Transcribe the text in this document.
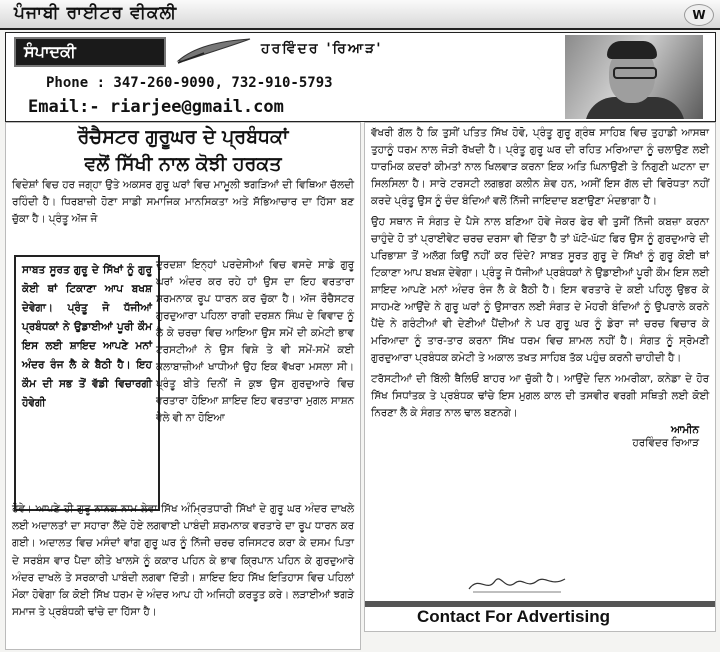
ਪੰਜਾਬੀ ਰਾਈਟਰ ਵੀਕਲੀ	W
ਸੰਪਾਦਕੀ	ਹਰਵਿੰਦਰ 'ਰਿਆੜ'
Phone : 347-260-9090, 732-910-5793
Email:- riarjee@gmail.com
ਰੌਚੈਸਟਰ ਗੁਰੂਘਰ ਦੇ ਪ੍ਰਬੰਧਕਾਂ
ਵਲੋਂ ਸਿੱਖੀ ਨਾਲ ਕੋਝੀ ਹਰਕਤ
ਵਿਦੇਸ਼ਾਂ ਵਿਚ ਹਰ ਜਗ੍ਹਾ ਉਤੇ ਅਕਸਰ ਗੁਰੂ ਘਰਾਂ ਵਿਚ ਮਾਮੂਲੀ ਝਗੜਿਆਂ ਦੀ ਵਿਥਿਆ ਚੱਲਦੀ ਰਹਿੰਦੀ ਹੈ। ਧਿਰਬਾਜ਼ੀ ਹੋਣਾ ਸਾਡੀ ਸਮਾਜਿਕ ਮਾਨਸਿਕਤਾ ਅਤੇ ਸੱਭਿਆਚਾਰ ਦਾ ਹਿੱਸਾ ਬਣ ਚੁੱਕਾ ਹੈ। ਪ੍ਰੰਤੂ ਅੱਜ ਜੋ
ਸਾਬਤ ਸੂਰਤ ਗੁਰੂ ਦੇ ਸਿੱਖਾਂ ਨੂੰ ਗੁਰੂ ਕੋਈ ਥਾਂ ਟਿਕਾਣਾ ਆਪ ਬਖਸ਼ ਦੇਵੇਗਾ। ਪ੍ਰੰਤੂ ਜੋ ਧੱਜੀਆਂ ਪ੍ਰਬੰਧਕਾਂ ਨੇ ਉਡਾਈਆਂ ਪੂਰੀ ਕੌਮ ਇਸ ਲਈ ਸ਼ਾਇਦ ਆਪਣੇ ਮਨਾਂ ਅੰਦਰ ਰੰਜ ਲੈ ਕੇ ਬੈਠੀ ਹੈ। ਇਹ ਕੌਮ ਦੀ ਸਭ ਤੋਂ ਵੱਡੀ ਵਿਚਾਰਗੀ ਹੋਵੇਗੀ
ਦੁਰਦਸ਼ਾ ਇਨ੍ਹਾਂ ਪਰਦੇਸੀਆਂ ਵਿਚ ਵਸਦੇ ਸਾਡੇ ਗੁਰੂ ਘਰਾਂ ਅੰਦਰ ਕਰ ਰਹੇ ਹਾਂ ਉਸ ਦਾ ਇਹ ਵਰਤਾਰਾ ਸ਼ਰਮਨਾਕ ਰੂਪ ਧਾਰਨ ਕਰ ਚੁੱਕਾ ਹੈ। ਅੱਜ ਰੌਚੈਸਟਰ ਗੁਰਦੁਆਰਾ ਪਹਿਲਾ ਰਾਗੀ ਦਰਸ਼ਨ ਸਿੰਘ ਦੇ ਵਿਵਾਦ ਨੂੰ ਲੈ ਕੇ ਚਰਚਾ ਵਿਚ ਆਇਆ ਉਸ ਸਮੇਂ ਦੀ ਕਮੇਟੀ ਭਾਵ ਟਰਸਟੀਆਂ ਨੇ ਉਸ ਵਿਸ਼ੇ ਤੇ ਵੀ ਸਮੇਂ-ਸਮੇਂ ਕਈ ਕਲਾਬਾਜ਼ੀਆਂ ਖਾਧੀਆਂ ਉਹ ਇਕ ਵੱਖਰਾ ਮਸਲਾ ਸੀ। ਪ੍ਰੰਤੂ ਬੀਤੇ ਦਿਨੀਂ ਜੋ ਕੁਝ ਉਸ ਗੁਰਦੁਆਰੇ ਵਿਚ ਵਰਤਾਰਾ ਹੋਇਆ ਸ਼ਾਇਦ ਇਹ ਵਰਤਾਰਾ ਮੁਗਲ ਸਾਸ਼ਨ ਵੇਲੇ ਵੀ ਨਾ ਹੋਇਆ
ਹੋਵੇ। ਆਪਣੇ ਹੀ ਗੁਰੂ ਨਾਨਕ ਨਾਮ ਲੇਵਾ ਸਿੱਖ ਅੰਮ੍ਰਿਤਧਾਰੀ ਸਿੱਖਾਂ ਦੇ ਗੁਰੂ ਘਰ ਅੰਦਰ ਦਾਖਲੇ ਲਈ ਅਦਾਲਤਾਂ ਦਾ ਸਹਾਰਾ ਲੈਂਦੇ ਹੋਏ ਲਗਵਾਈ ਪਾਬੰਦੀ ਸ਼ਰਮਨਾਕ ਵਰਤਾਰੇ ਦਾ ਰੂਪ ਧਾਰਨ ਕਰ ਗਈ। ਅਦਾਲਤ ਵਿਚ ਮਸੰਦਾਂ ਵਾਂਗ ਗੁਰੂ ਘਰ ਨੂੰ ਨਿੱਜੀ ਚਰਚ ਰਜਿਸਟਰ ਕਰਾ ਕੇ ਦਸਮ ਪਿਤਾ ਦੇ ਸਰਬੰਸ ਵਾਰ ਪੈਦਾ ਕੀਤੇ ਖਾਲਸੇ ਨੂੰ ਕਕਾਰ ਪਹਿਨ ਕੇ ਭਾਵ ਕ੍ਰਿਪਾਨ ਪਹਿਨ ਕੇ ਗੁਰਦੁਆਰੇ ਅੰਦਰ ਦਾਖਲੇ ਤੇ ਸਰਕਾਰੀ ਪਾਬੰਦੀ ਲਗਵਾ ਦਿੱਤੀ। ਸ਼ਾਇਦ ਇਹ ਸਿੱਖ ਇਤਿਹਾਸ ਵਿਚ ਪਹਿਲਾਂ ਮੌਕਾ ਹੋਵੇਗਾ ਕਿ ਕੋਈ ਸਿੱਖ ਧਰਮ ਦੇ ਅੰਦਰ ਆਪ ਹੀ ਅਜਿਹੀ ਕਰਤੂਤ ਕਰੇ। ਲੜਾਈਆਂ ਝਗੜੇ ਸਮਾਜ ਤੇ ਪ੍ਰਬੰਧਕੀ ਢਾਂਚੇ ਦਾ ਹਿੱਸਾ ਹੈ।
ਵੱਖਰੀ ਗੱਲ ਹੈ ਕਿ ਤੁਸੀਂ ਪਤਿਤ ਸਿੱਖ ਹੋਵੋ, ਪ੍ਰੰਤੂ ਗੁਰੂ ਗ੍ਰੰਥ ਸਾਹਿਬ ਵਿਚ ਤੁਹਾਡੀ ਆਸਥਾ ਤੁਹਾਨੂੰ ਧਰਮ ਨਾਲ ਜੋੜੀ ਰੱਖਦੀ ਹੈ। ਪ੍ਰੰਤੂ ਗੁਰੂ ਘਰ ਦੀ ਰਹਿਤ ਮਰਿਆਦਾ ਨੂੰ ਚਲਾਉਣ ਲਈ ਧਾਰਮਿਕ ਕਦਰਾਂ ਕੀਮਤਾਂ ਨਾਲ ਖਿਲਵਾੜ ਕਰਨਾ ਇਕ ਅਤਿ ਘਿਨਾਉਣੀ ਤੇ ਨਿਗੁਣੀ ਘਟਨਾ ਦਾ ਸਿਲਸਿਲਾ ਹੈ। ਸਾਰੇ ਟਰਸਟੀ ਲਗਭਗ ਕਲੀਨ ਸ਼ੇਵ ਹਨ, ਅਸੀਂ ਇਸ ਗੱਲ ਦੀ ਵਿਰੋਧਤਾ ਨਹੀਂ ਕਰਦੇ ਪ੍ਰੰਤੂ ਉਸ ਨੂੰ ਚੰਦ ਬੰਦਿਆਂ ਵਲੋਂ ਨਿੱਜੀ ਜਾਇਦਾਦ ਬਣਾਉਣਾ ਮੰਦਭਾਗਾ ਹੈ।
ਉਹ ਸਥਾਨ ਜੋ ਸੰਗਤ ਦੇ ਪੈਸੇ ਨਾਲ ਬਣਿਆ ਹੋਵੇ ਜੇਕਰ ਫੇਰ ਵੀ ਤੁਸੀਂ ਨਿੱਜੀ ਕਬਜ਼ਾ ਕਰਨਾ ਚਾਹੁੰਦੇ ਹੋ ਤਾਂ ਪ੍ਰਾਈਵੇਟ ਚਰਚ ਦਰਸਾ ਵੀ ਦਿੱਤਾ ਹੈ ਤਾਂ ਘੱਟੋ-ਘੱਟ ਫਿਰ ਉਸ ਨੂੰ ਗੁਰਦੁਆਰੇ ਦੀ ਪਰਿਭਾਸ਼ਾ ਤੋਂ ਅਲੱਗ ਕਿਉਂ ਨਹੀਂ ਕਰ ਦਿੰਦੇ? ਸਾਬਤ ਸੂਰਤ ਗੁਰੂ ਦੇ ਸਿੱਖਾਂ ਨੂੰ ਗੁਰੂ ਕੋਈ ਥਾਂ ਟਿਕਾਣਾ ਆਪ ਬਖਸ਼ ਦੇਵੇਗਾ। ਪ੍ਰੰਤੂ ਜੋ ਧੱਜੀਆਂ ਪ੍ਰਬੰਧਕਾਂ ਨੇ ਉਡਾਈਆਂ ਪੂਰੀ ਕੌਮ ਇਸ ਲਈ ਸ਼ਾਇਦ ਆਪਣੇ ਮਨਾਂ ਅੰਦਰ ਰੰਜ ਲੈ ਕੇ ਬੈਠੀ ਹੈ। ਇਸ ਵਰਤਾਰੇ ਦੇ ਕਈ ਪਹਿਲੂ ਉਭਰ ਕੇ ਸਾਹਮਣੇ ਆਉਂਦੇ ਨੇ ਗੁਰੂ ਘਰਾਂ ਨੂੰ ਉਸਾਰਨ ਲਈ ਸੰਗਤ ਦੇ ਮੋਹਰੀ ਬੰਦਿਆਂ ਨੂੰ ਉਪਰਾਲੇ ਕਰਨੇ ਪੈਂਦੇ ਨੇ ਗਰੰਟੀਆਂ ਵੀ ਦੇਣੀਆਂ ਪੈਂਦੀਆਂ ਨੇ ਪਰ ਗੁਰੂ ਘਰ ਨੂੰ ਡੇਰਾ ਜਾਂ ਚਰਚ ਵਿਚਾਰ ਕੇ ਮਰਿਆਦਾ ਨੂੰ ਤਾਰ-ਤਾਰ ਕਰਨਾ ਸਿੱਖ ਧਰਮ ਵਿਚ ਸ਼ਾਮਲ ਨਹੀਂ ਹੈ। ਸੰਗਤ ਨੂੰ ਸ੍ਰੋਮਣੀ ਗੁਰਦੁਆਰਾ ਪ੍ਰਬੰਧਕ ਕਮੇਟੀ ਤੇ ਅਕਾਲ ਤਖਤ ਸਾਹਿਬ ਤੱਕ ਪਹੁੰਚ ਕਰਨੀ ਚਾਹੀਦੀ ਹੈ।
ਟਰੱਸਟੀਆਂ ਦੀ ਬਿੱਲੀ ਥੈਲਿਓਂ ਬਾਹਰ ਆ ਚੁੱਕੀ ਹੈ। ਆਉਂਦੇ ਦਿਨ ਅਮਰੀਕਾ, ਕਨੇਡਾ ਦੇ ਹੋਰ ਸਿੱਖ ਸਿਧਾਂਤਕ ਤੇ ਪ੍ਰਬੰਧਕ ਢਾਂਚੇ ਇਸ ਮੁਗਲ ਕਾਲ ਦੀ ਤਸਵੀਰ ਵਰਗੀ ਸਥਿਤੀ ਲਈ ਕੋਈ ਨਿਰਣਾ ਲੈ ਕੇ ਸੰਗਤ ਨਾਲ ਢਾਲ ਬਣਨਗੇ।
ਆਮੀਨ
ਹਰਵਿੰਦਰ ਰਿਆੜ
Contact For Advertising
